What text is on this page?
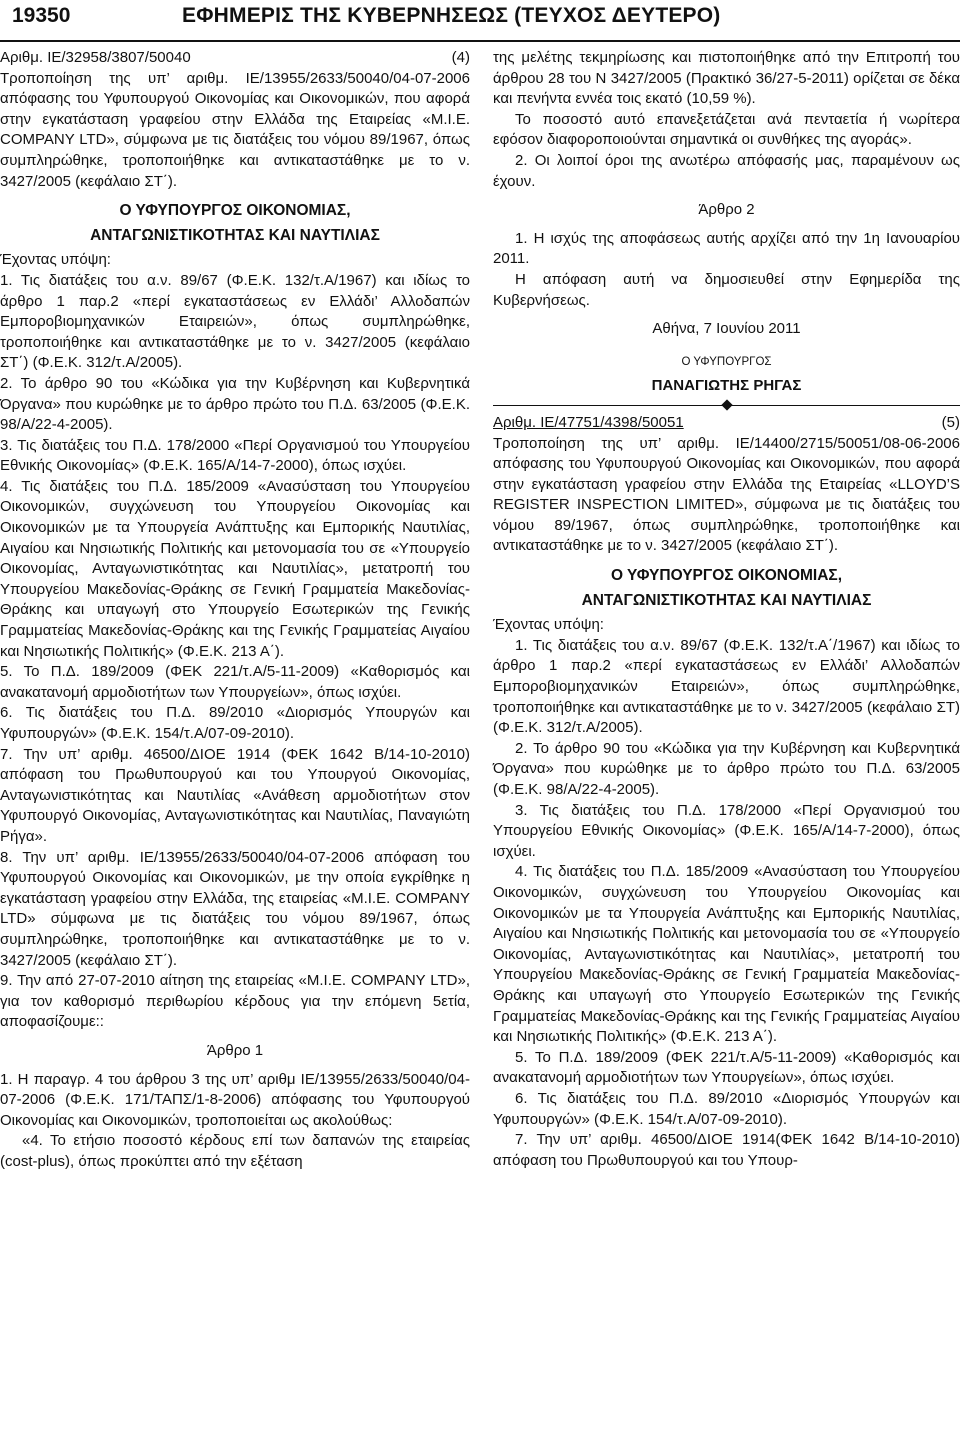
19350	ΕΦΗΜΕΡΙΣ ΤΗΣ ΚΥΒΕΡΝΗΣΕΩΣ (ΤΕΥΧΟΣ ΔΕΥΤΕΡΟ)

Αριθμ. ΙΕ/32958/3807/50040	(4)

Τροποποίηση της υπ’ αριθμ. ΙΕ/13955/2633/50040/04-07-2006 απόφασης του Υφυπουργού Οικονομίας και Οικονομικών, που αφορά στην εγκατάσταση γραφείου στην Ελλάδα της Εταιρείας «M.I.E. COMPANY LTD», σύμφωνα με τις διατάξεις του νόμου 89/1967, όπως συμπληρώθηκε, τροποποιήθηκε και αντικαταστάθηκε με το ν. 3427/2005 (κεφάλαιο ΣΤ΄).

Ο ΥΦΥΠΟΥΡΓΟΣ ΟΙΚΟΝΟΜΙΑΣ,

ΑΝΤΑΓΩΝΙΣΤΙΚΟΤΗΤΑΣ ΚΑΙ ΝΑΥΤΙΛΙΑΣ

Έχοντας υπόψη:

1. Τις διατάξεις του α.ν. 89/67 (Φ.Ε.Κ. 132/τ.Α/1967) και ιδίως το άρθρο 1 παρ.2 «περί εγκαταστάσεως εν Ελλάδι’ Αλλοδαπών Εμπορoβιομηχανικών Εταιρειών», όπως συμπληρώθηκε, τροποποιήθηκε και αντικαταστάθηκε με το ν. 3427/2005 (κεφάλαιο ΣΤ΄) (Φ.Ε.Κ. 312/τ.Α/2005).

2. Το άρθρο 90 του «Κώδικα για την Κυβέρνηση και Κυβερνητικά Όργανα» που κυρώθηκε με το άρθρο πρώτο του Π.Δ. 63/2005 (Φ.Ε.Κ. 98/Α/22-4-2005).

3. Τις διατάξεις του Π.Δ. 178/2000 «Περί Οργανισμού του Υπουργείου Εθνικής Οικονομίας» (Φ.Ε.Κ. 165/Α/14-7-2000), όπως ισχύει.

4. Τις διατάξεις του Π.Δ. 185/2009 «Ανασύσταση του Υπουργείου Οικονομικών, συγχώνευση του Υπουργείου Οικονομίας και Οικονομικών με τα Υπουργεία Ανάπτυξης και Εμπορικής Ναυτιλίας, Αιγαίου και Νησιωτικής Πολιτικής και μετονομασία του σε «Υπουργείο Οικονομίας, Ανταγωνιστικότητας και Ναυτιλίας», μετατροπή του Υπουργείου Μακεδονίας-Θράκης σε Γενική Γραμματεία Μακεδονίας-Θράκης και υπαγωγή στο Υπουργείο Εσωτερικών της Γενικής Γραμματείας Μακεδονίας-Θράκης και της Γενικής Γραμματείας Αιγαίου και Νησιωτικής Πολιτικής» (Φ.Ε.Κ. 213 Α΄).

5. Το Π.Δ. 189/2009 (ΦΕΚ 221/τ.Α/5-11-2009) «Καθορισμός και ανακατανομή αρμοδιοτήτων των Υπουργείων», όπως ισχύει.

6. Τις διατάξεις του Π.Δ. 89/2010 «Διορισμός Υπουργών και Υφυπουργών» (Φ.Ε.Κ. 154/τ.Α/07-09-2010).

7. Την υπ’ αριθμ. 46500/ΔΙΟΕ 1914 (ΦΕΚ 1642 Β/14-10-2010) απόφαση του Πρωθυπουργού και του Υπουργού Οικονομίας, Ανταγωνιστικότητας και Ναυτιλίας «Ανάθεση αρμοδιοτήτων στον Υφυπουργό Οικονομίας, Ανταγωνιστικότητας και Ναυτιλίας, Παναγιώτη Ρήγα».

8. Την υπ’ αριθμ. ΙΕ/13955/2633/50040/04-07-2006 απόφαση του Υφυπουργού Οικονομίας και Οικονομικών, με την οποία εγκρίθηκε η εγκατάσταση γραφείου στην Ελλάδα, της εταιρείας «M.I.E. COMPANY LTD» σύμφωνα με τις διατάξεις του νόμου 89/1967, όπως συμπληρώθηκε, τροποποιήθηκε και αντικαταστάθηκε με το ν. 3427/2005 (κεφάλαιο ΣΤ΄).

9. Την από 27-07-2010 αίτηση της εταιρείας «M.I.E. COMPANY LTD», για τον καθορισμό περιθωρίου κέρδους για την επόμενη 5ετία, αποφασίζουμε::

Άρθρο 1

1. Η παραγρ. 4 του άρθρου 3 της υπ’ αριθμ ΙΕ/13955/2633/50040/04-07-2006 (Φ.Ε.Κ. 171/ΤΑΠΣ/1-8-2006) απόφασης του Υφυπουργού Οικονομίας και Οικονομικών, τροποποιείται ως ακολούθως:

«4. Το ετήσιο ποσοστό κέρδους επί των δαπανών της εταιρείας (cost-plus), όπως προκύπτει από την εξέταση

της μελέτης τεκμηρίωσης και πιστοποιήθηκε από την Επιτροπή του άρθρου 28 του Ν 3427/2005 (Πρακτικό 36/27-5-2011) ορίζεται σε δέκα και πενήντα εννέα τοις εκατό (10,59 %).

Το ποσοστό αυτό επανεξετάζεται ανά πενταετία ή νωρίτερα εφόσον διαφοροποιούνται σημαντικά οι συνθήκες της αγοράς».

2. Οι λοιποί όροι της ανωτέρω απόφασής μας, παραμένουν ως έχουν.

Άρθρο 2

1. Η ισχύς της αποφάσεως αυτής αρχίζει από την 1η Ιανουαρίου 2011.

Η απόφαση αυτή να δημοσιευθεί στην Εφημερίδα της Κυβερνήσεως.

Αθήνα, 7 Ιουνίου 2011

Ο ΥΦΥΠΟΥΡΓΟΣ

ΠΑΝΑΓΙΩΤΗΣ ΡΗΓΑΣ

Αριθμ. ΙΕ/47751/4398/50051	(5)

Τροποποίηση της υπ’ αριθμ. ΙΕ/14400/2715/50051/08-06-2006 απόφασης του Υφυπουργού Οικονομίας και Οικονομικών, που αφορά στην εγκατάσταση γραφείου στην Ελλάδα της Εταιρείας «LLOYD’S REGISTER INSPECTION LIMITED», σύμφωνα με τις διατάξεις του νόμου 89/1967, όπως συμπληρώθηκε, τροποποιήθηκε και αντικαταστάθηκε με το ν. 3427/2005 (κεφάλαιο ΣΤ΄).

Ο ΥΦΥΠΟΥΡΓΟΣ ΟΙΚΟΝΟΜΙΑΣ,

ΑΝΤΑΓΩΝΙΣΤΙΚΟΤΗΤΑΣ ΚΑΙ ΝΑΥΤΙΛΙΑΣ

Έχοντας υπόψη:

1. Τις διατάξεις του α.ν. 89/67 (Φ.Ε.Κ. 132/τ.Α΄/1967) και ιδίως το άρθρο 1 παρ.2 «περί εγκαταστάσεως εν Ελλάδι’ Αλλοδαπών Εμπορoβιομηχανικών Εταιρειών», όπως συμπληρώθηκε, τροποποιήθηκε και αντικαταστάθηκε με το ν. 3427/2005 (κεφάλαιο ΣΤ) (Φ.Ε.Κ. 312/τ.Α/2005).

2. Το άρθρο 90 του «Κώδικα για την Κυβέρνηση και Κυβερνητικά Όργανα» που κυρώθηκε με το άρθρο πρώτο του Π.Δ. 63/2005 (Φ.Ε.Κ. 98/Α/22-4-2005).

3. Τις διατάξεις του Π.Δ. 178/2000 «Περί Οργανισμού του Υπουργείου Εθνικής Οικονομίας» (Φ.Ε.Κ. 165/Α/14-7-2000), όπως ισχύει.

4. Τις διατάξεις του Π.Δ. 185/2009 «Ανασύσταση του Υπουργείου Οικονομικών, συγχώνευση του Υπουργείου Οικονομίας και Οικονομικών με τα Υπουργεία Ανάπτυξης και Εμπορικής Ναυτιλίας, Αιγαίου και Νησιωτικής Πολιτικής και μετονομασία του σε «Υπουργείο Οικονομίας, Ανταγωνιστικότητας και Ναυτιλίας», μετατροπή του Υπουργείου Μακεδονίας-Θράκης σε Γενική Γραμματεία Μακεδονίας-Θράκης και υπαγωγή στο Υπουργείο Εσωτερικών της Γενικής Γραμματείας Μακεδονίας-Θράκης και της Γενικής Γραμματείας Αιγαίου και Νησιωτικής Πολιτικής» (Φ.Ε.Κ. 213 Α΄).

5. Το Π.Δ. 189/2009 (ΦΕΚ 221/τ.Α/5-11-2009) «Καθορισμός και ανακατανομή αρμοδιοτήτων των Υπουργείων», όπως ισχύει.

6. Τις διατάξεις του Π.Δ. 89/2010 «Διορισμός Υπουργών και Υφυπουργών» (Φ.Ε.Κ. 154/τ.Α/07-09-2010).

7. Την υπ’ αριθμ. 46500/ΔΙΟΕ 1914(ΦΕΚ 1642 Β/14-10-2010) απόφαση του Πρωθυπουργού και του Υπουρ-
